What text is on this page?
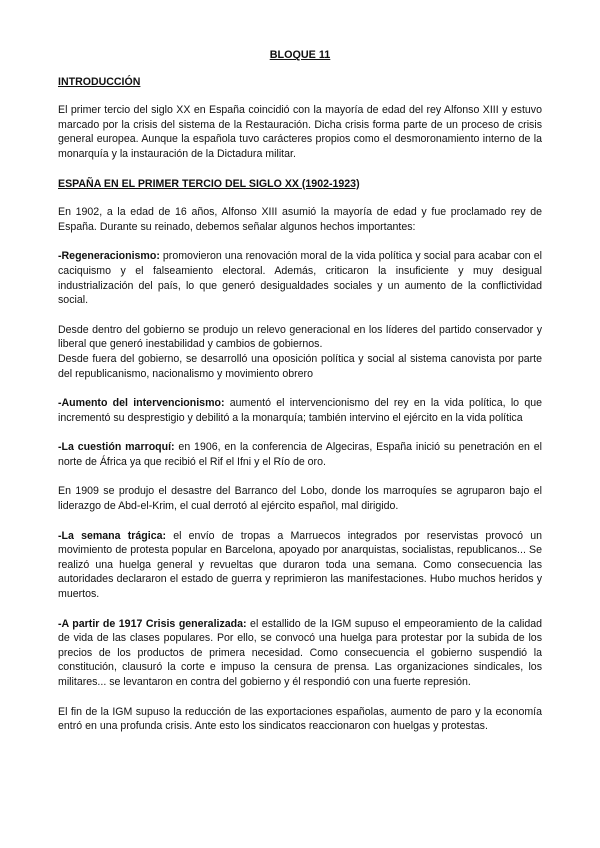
BLOQUE 11
INTRODUCCIÓN

El primer tercio del siglo XX en España coincidió con la mayoría de edad del rey Alfonso XIII y estuvo marcado por la crisis del sistema de la Restauración. Dicha crisis forma parte de un proceso de crisis general europea. Aunque la española tuvo carácteres propios como el desmoronamiento interno de la monarquía y la instauración de la Dictadura militar.

ESPAÑA EN EL PRIMER TERCIO DEL SIGLO XX (1902-1923)

En 1902, a la edad de 16 años, Alfonso XIII asumió la mayoría de edad y fue proclamado rey de España. Durante su reinado, debemos señalar algunos hechos importantes:

-Regeneracionismo: promovieron una renovación moral de la vida política y social para acabar con el caciquismo y el falseamiento electoral. Además, criticaron la insuficiente y muy desigual industrialización del país, lo que generó desigualdades sociales y un aumento de la conflictividad social.

Desde dentro del gobierno se produjo un relevo generacional en los líderes del partido conservador y liberal que generó inestabilidad y cambios de gobiernos.

Desde fuera del gobierno, se desarrolló una oposición política y social al sistema canovista por parte del republicanismo, nacionalismo y movimiento obrero

-Aumento del intervencionismo: aumentó el intervencionismo del rey en la vida política, lo que incrementó su desprestigio y debilitó a la monarquía; también intervino el ejército en la vida política

-La cuestión marroquí: en 1906, en la conferencia de Algeciras, España inició su penetración en el norte de África ya que recibió el Rif el Ifni y el Río de oro.

En 1909 se produjo el desastre del Barranco del Lobo, donde los marroquíes se agruparon bajo el liderazgo de Abd-el-Krim, el cual derrotó al ejército español, mal dirigido.

-La semana trágica: el envío de tropas a Marruecos integrados por reservistas provocó un movimiento de protesta popular en Barcelona, apoyado por anarquistas, socialistas, republicanos... Se realizó una huelga general y revueltas que duraron toda una semana. Como consecuencia las autoridades declararon el estado de guerra y reprimieron las manifestaciones. Hubo muchos heridos y muertos.

-A partir de 1917 Crisis generalizada: el estallido de la IGM supuso el empeoramiento de la calidad de vida de las clases populares. Por ello, se convocó una huelga para protestar por la subida de los precios de los productos de primera necesidad. Como consecuencia el gobierno suspendió la constitución, clausuró la corte e impuso la censura de prensa. Las organizaciones sindicales, los militares... se levantaron en contra del gobierno y él respondió con una fuerte represión.

El fin de la IGM supuso la reducción de las exportaciones españolas, aumento de paro y la economía entró en una profunda crisis. Ante esto los sindicatos reaccionaron con huelgas y protestas.
